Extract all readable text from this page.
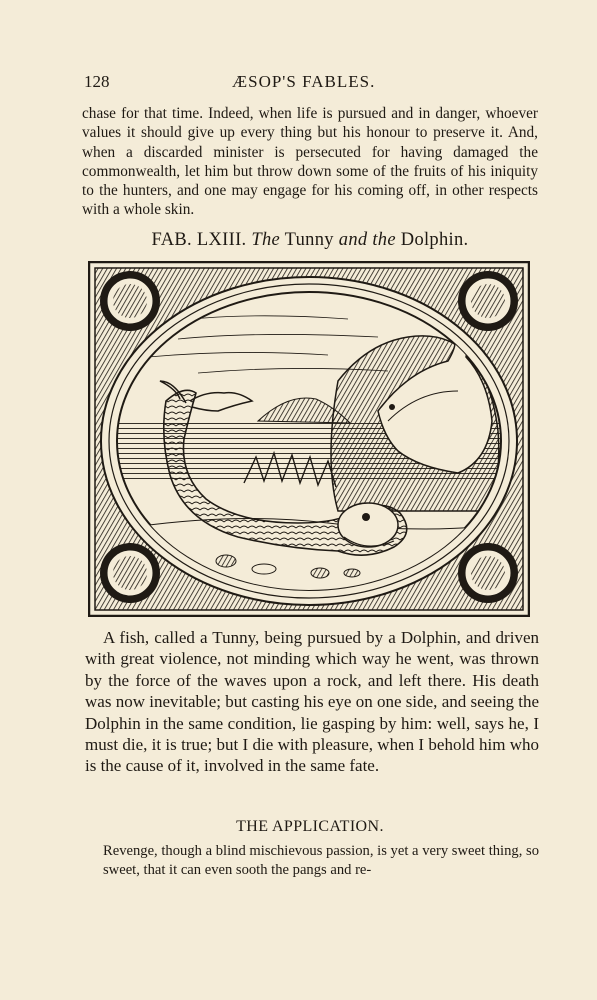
128	ÆSOP'S FABLES.

chase for that time. Indeed, when life is pursued and in danger, whoever values it should give up every thing but his honour to preserve it. And, when a discarded minister is persecuted for having damaged the commonwealth, let him but throw down some of the fruits of his iniquity to the hunters, and one may engage for his coming off, in other respects with a whole skin.

FAB. LXIII. The Tunny and the Dolphin.

A fish, called a Tunny, being pursued by a Dolphin, and driven with great violence, not minding which way he went, was thrown by the force of the waves upon a rock, and left there. His death was now inevitable; but casting his eye on one side, and seeing the Dolphin in the same condition, lie gasping by him: well, says he, I must die, it is true; but I die with pleasure, when I behold him who is the cause of it, involved in the same fate.

THE APPLICATION.

Revenge, though a blind mischievous passion, is yet a very sweet thing, so sweet, that it can even sooth the pangs and re-
